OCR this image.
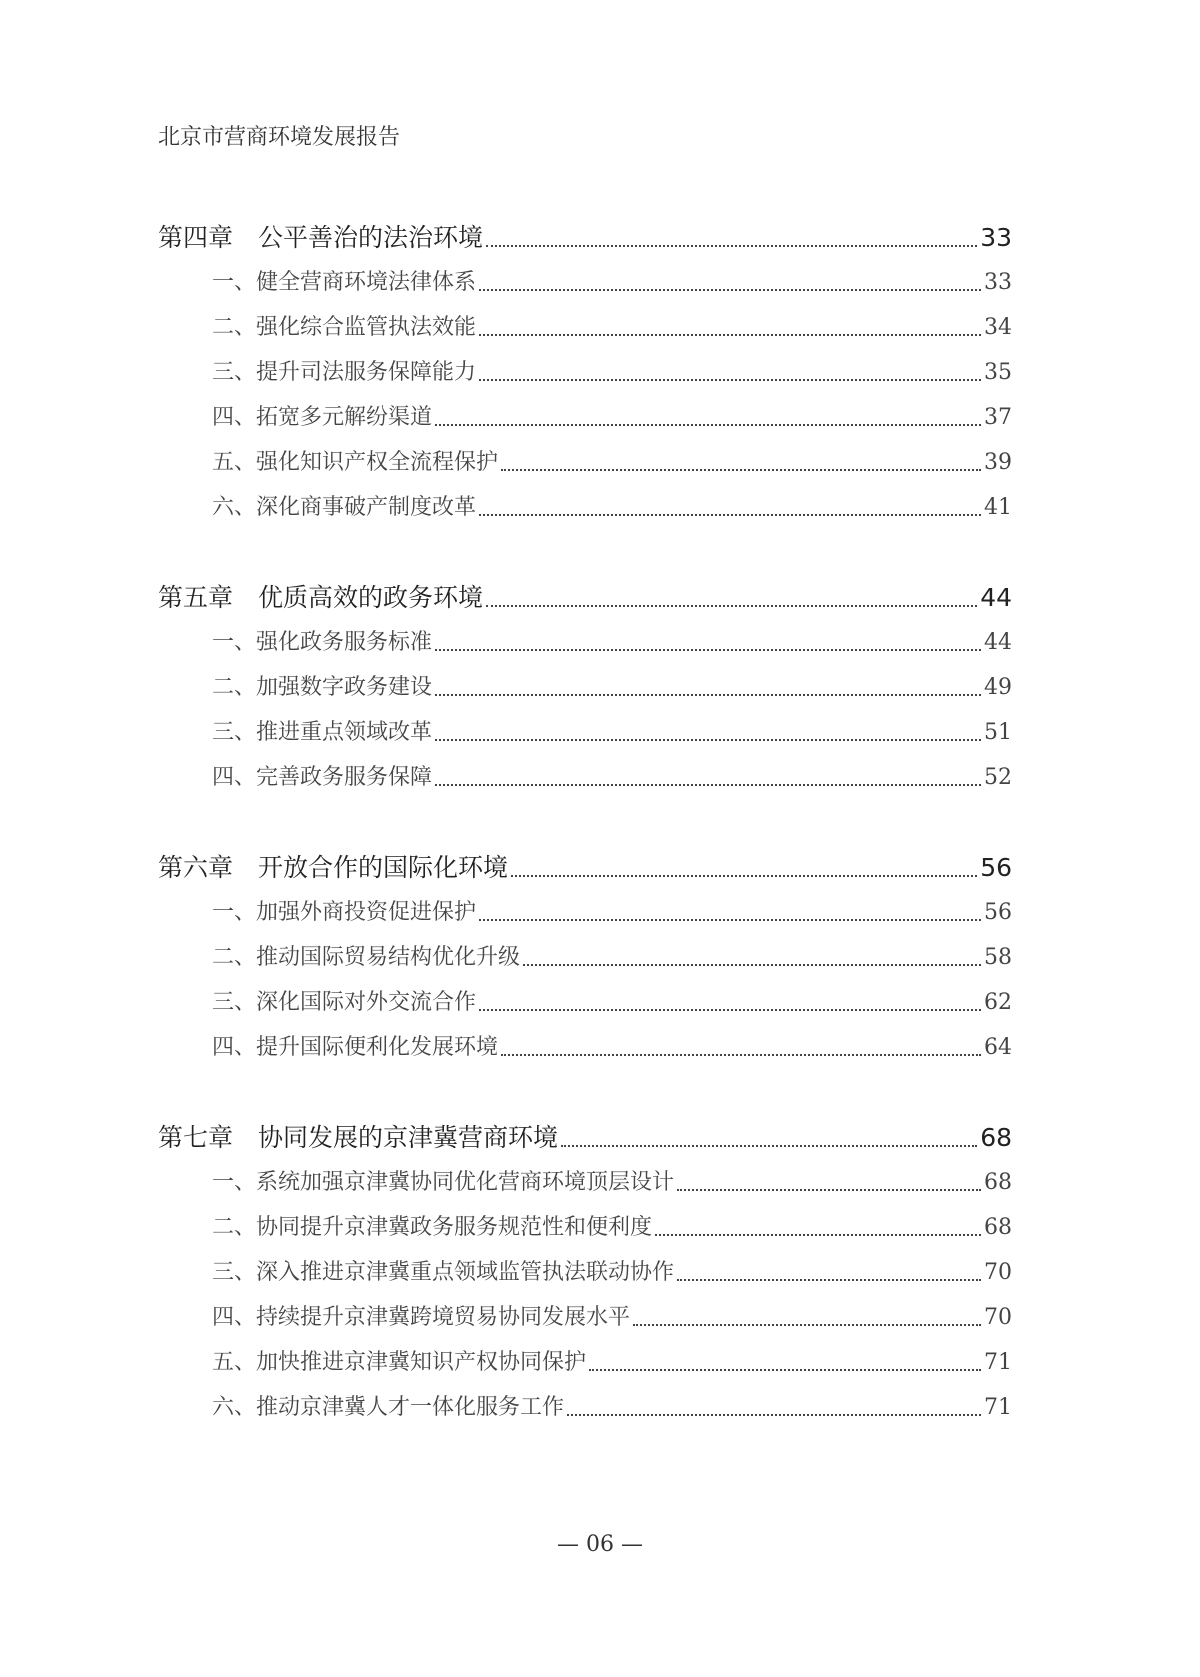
北京市营商环境发展报告
第四章　公平善治的法治环境	33
一、健全营商环境法律体系	33
二、强化综合监管执法效能	34
三、提升司法服务保障能力	35
四、拓宽多元解纷渠道	37
五、强化知识产权全流程保护	39
六、深化商事破产制度改革	41
第五章　优质高效的政务环境	44
一、强化政务服务标准	44
二、加强数字政务建设	49
三、推进重点领域改革	51
四、完善政务服务保障	52
第六章　开放合作的国际化环境	56
一、加强外商投资促进保护	56
二、推动国际贸易结构优化升级	58
三、深化国际对外交流合作	62
四、提升国际便利化发展环境	64
第七章　协同发展的京津冀营商环境	68
一、系统加强京津冀协同优化营商环境顶层设计	68
二、协同提升京津冀政务服务规范性和便利度	68
三、深入推进京津冀重点领域监管执法联动协作	70
四、持续提升京津冀跨境贸易协同发展水平	70
五、加快推进京津冀知识产权协同保护	71
六、推动京津冀人才一体化服务工作	71
— 06 —
